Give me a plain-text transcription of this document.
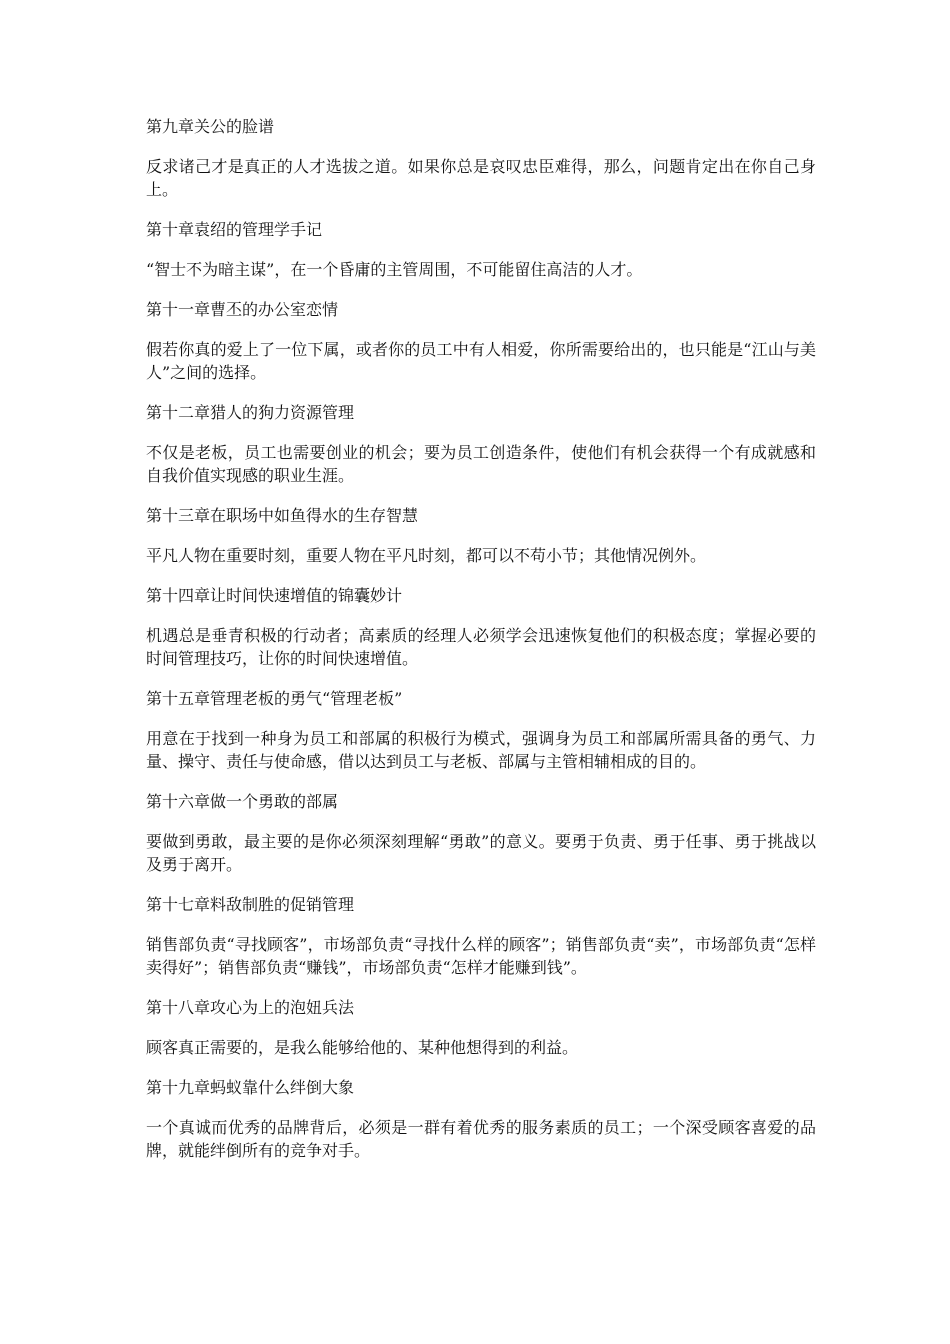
第九章关公的脸谱

反求诸己才是真正的人才选拔之道。如果你总是哀叹忠臣难得，那么，问题肯定出在你自己身上。

第十章袁绍的管理学手记

“智士不为暗主谋”，在一个昏庸的主管周围，不可能留住高洁的人才。

第十一章曹丕的办公室恋情

假若你真的爱上了一位下属，或者你的员工中有人相爱，你所需要给出的，也只能是“江山与美人”之间的选择。

第十二章猎人的狗力资源管理

不仅是老板，员工也需要创业的机会；要为员工创造条件，使他们有机会获得一个有成就感和自我价值实现感的职业生涯。

第十三章在职场中如鱼得水的生存智慧

平凡人物在重要时刻，重要人物在平凡时刻，都可以不苟小节；其他情况例外。

第十四章让时间快速增值的锦囊妙计

机遇总是垂青积极的行动者；高素质的经理人必须学会迅速恢复他们的积极态度；掌握必要的时间管理技巧，让你的时间快速增值。

第十五章管理老板的勇气“管理老板”

用意在于找到一种身为员工和部属的积极行为模式，强调身为员工和部属所需具备的勇气、力量、操守、责任与使命感，借以达到员工与老板、部属与主管相辅相成的目的。

第十六章做一个勇敢的部属

要做到勇敢，最主要的是你必须深刻理解“勇敢”的意义。要勇于负责、勇于任事、勇于挑战以及勇于离开。

第十七章料敌制胜的促销管理

销售部负责“寻找顾客”，市场部负责“寻找什么样的顾客”；销售部负责“卖”，市场部负责“怎样卖得好”；销售部负责“赚钱”，市场部负责“怎样才能赚到钱”。

第十八章攻心为上的泡妞兵法

顾客真正需要的，是我么能够给他的、某种他想得到的利益。

第十九章蚂蚁靠什么绊倒大象

一个真诚而优秀的品牌背后，必须是一群有着优秀的服务素质的员工；一个深受顾客喜爱的品牌，就能绊倒所有的竞争对手。
